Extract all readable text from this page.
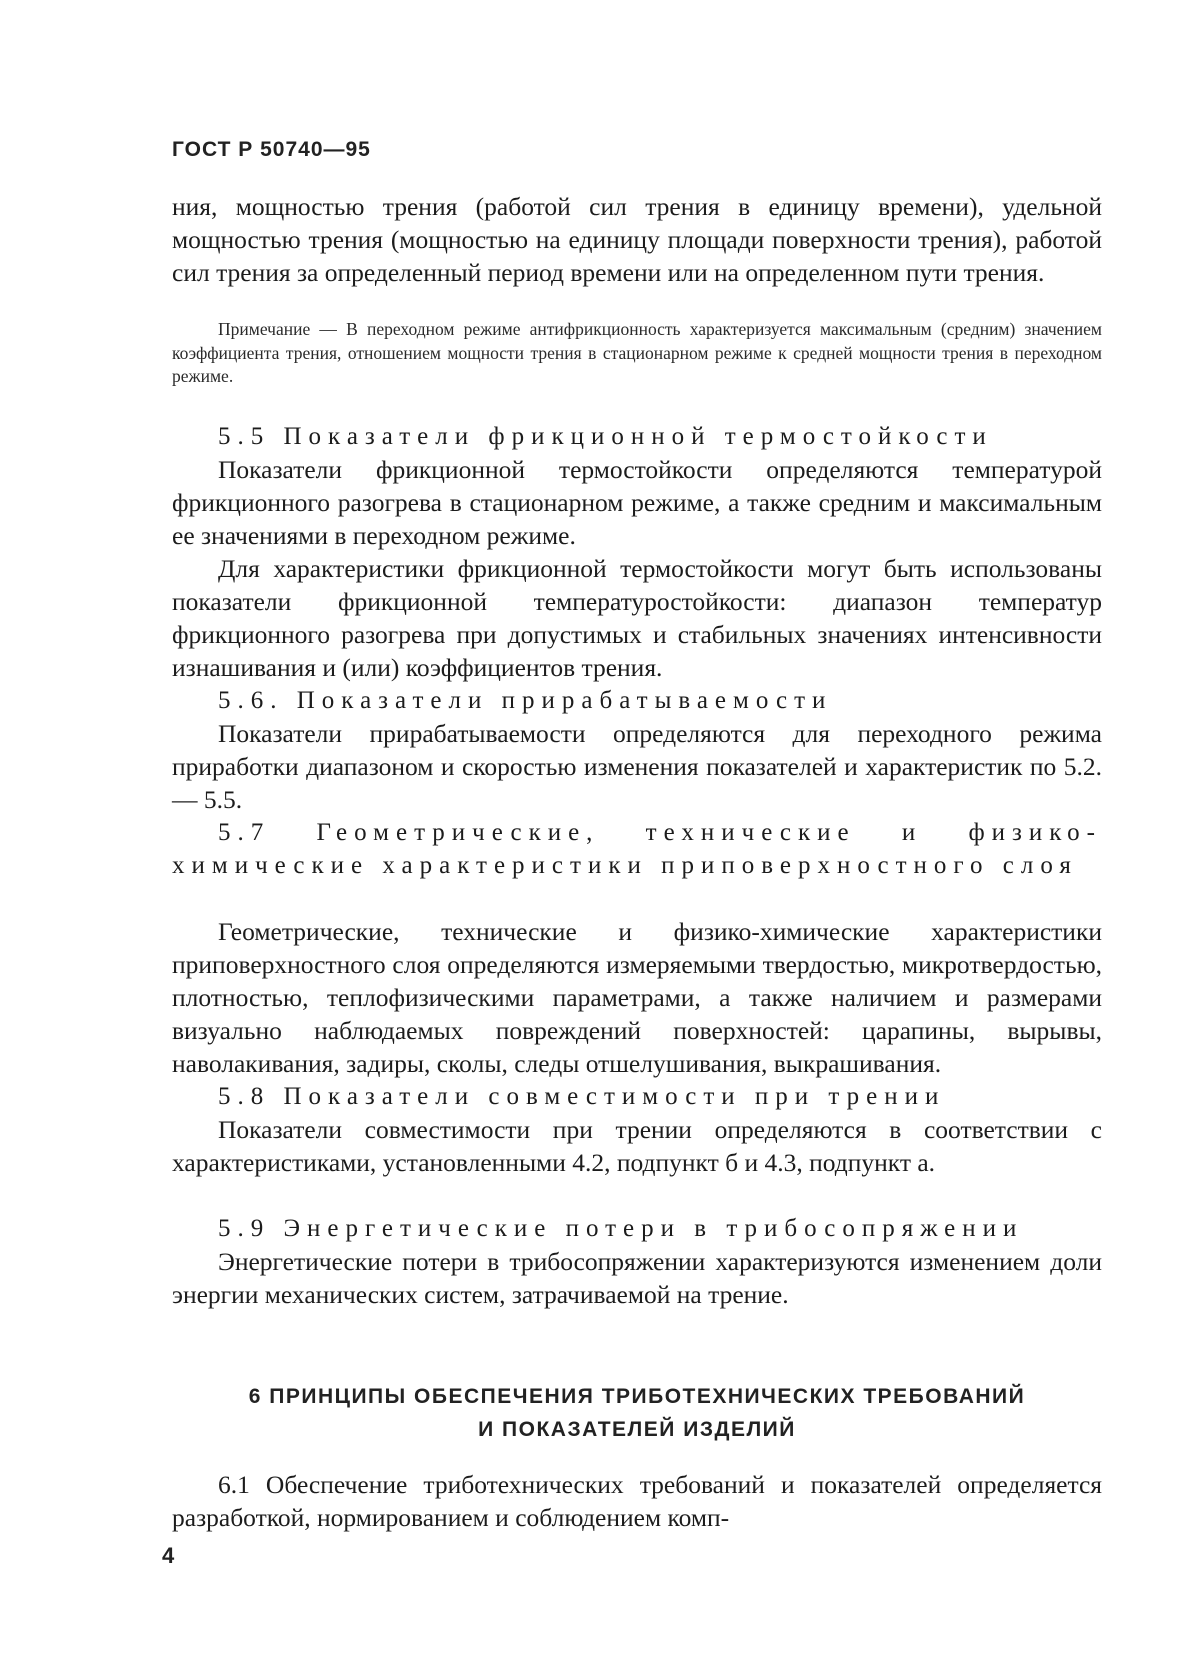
ГОСТ Р 50740—95
ния, мощностью трения (работой сил трения в единицу времени), удельной мощностью трения (мощностью на единицу площади поверхности трения), работой сил трения за определенный период времени или на определенном пути трения.
Примечание — В переходном режиме антифрикционность характеризуется максимальным (средним) значением коэффициента трения, отношением мощности трения в стационарном режиме к средней мощности трения в переходном режиме.
5.5 Показатели фрикционной термостойкости
Показатели фрикционной термостойкости определяются температурой фрикционного разогрева в стационарном режиме, а также средним и максимальным ее значениями в переходном режиме.
Для характеристики фрикционной термостойкости могут быть использованы показатели фрикционной температуростойкости: диапазон температур фрикционного разогрева при допустимых и стабильных значениях интенсивности изнашивания и (или) коэффициентов трения.
5.6. Показатели прирабатываемости
Показатели прирабатываемости определяются для переходного режима приработки диапазоном и скоростью изменения показателей и характеристик по 5.2. — 5.5.
5.7 Геометрические, технические и физико-химические характеристики приповерхностного слоя
Геометрические, технические и физико-химические характеристики приповерхностного слоя определяются измеряемыми твердостью, микротвердостью, плотностью, теплофизическими параметрами, а также наличием и размерами визуально наблюдаемых повреждений поверхностей: царапины, вырывы, наволакивания, задиры, сколы, следы отшелушивания, выкрашивания.
5.8 Показатели совместимости при трении
Показатели совместимости при трении определяются в соответствии с характеристиками, установленными 4.2, подпункт б и 4.3, подпункт а.
5.9 Энергетические потери в трибосопряжении
Энергетические потери в трибосопряжении характеризуются изменением доли энергии механических систем, затрачиваемой на трение.
6 ПРИНЦИПЫ ОБЕСПЕЧЕНИЯ ТРИБОТЕХНИЧЕСКИХ ТРЕБОВАНИЙ
И ПОКАЗАТЕЛЕЙ ИЗДЕЛИЙ
6.1 Обеспечение триботехнических требований и показателей определяется разработкой, нормированием и соблюдением комп-
4
